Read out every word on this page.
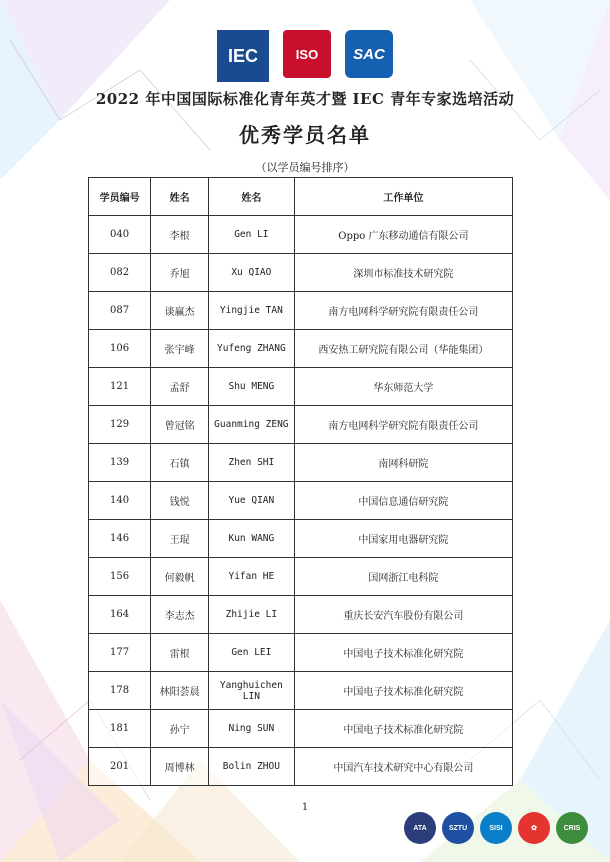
IEC	ISO	SAC
2022 年中国国际标准化青年英才暨 IEC 青年专家选培活动
优秀学员名单
（以学员编号排序）
学员编号	姓名	姓名	工作单位
040	李根	Gen LI	Oppo 广东移动通信有限公司
082	乔旭	Xu QIAO	深圳市标准技术研究院
087	谈赢杰	Yingjie TAN	南方电网科学研究院有限责任公司
106	张宇峰	Yufeng ZHANG	西安热工研究院有限公司（华能集团）
121	孟舒	Shu MENG	华东师范大学
129	曾冠铭	Guanming ZENG	南方电网科学研究院有限责任公司
139	石镇	Zhen SHI	南网科研院
140	钱悦	Yue QIAN	中国信息通信研究院
146	王琨	Kun WANG	中国家用电器研究院
156	何毅帆	Yifan HE	国网浙江电科院
164	李志杰	Zhijie LI	重庆长安汽车股份有限公司
177	雷根	Gen LEI	中国电子技术标准化研究院
178	林阳荟晨	Yanghuichen LIN	中国电子技术标准化研究院
181	孙宁	Ning SUN	中国电子技术标准化研究院
201	周博林	Bolin ZHOU	中国汽车技术研究中心有限公司
1
ATA	SZTU	SISI	✿	CRIS
